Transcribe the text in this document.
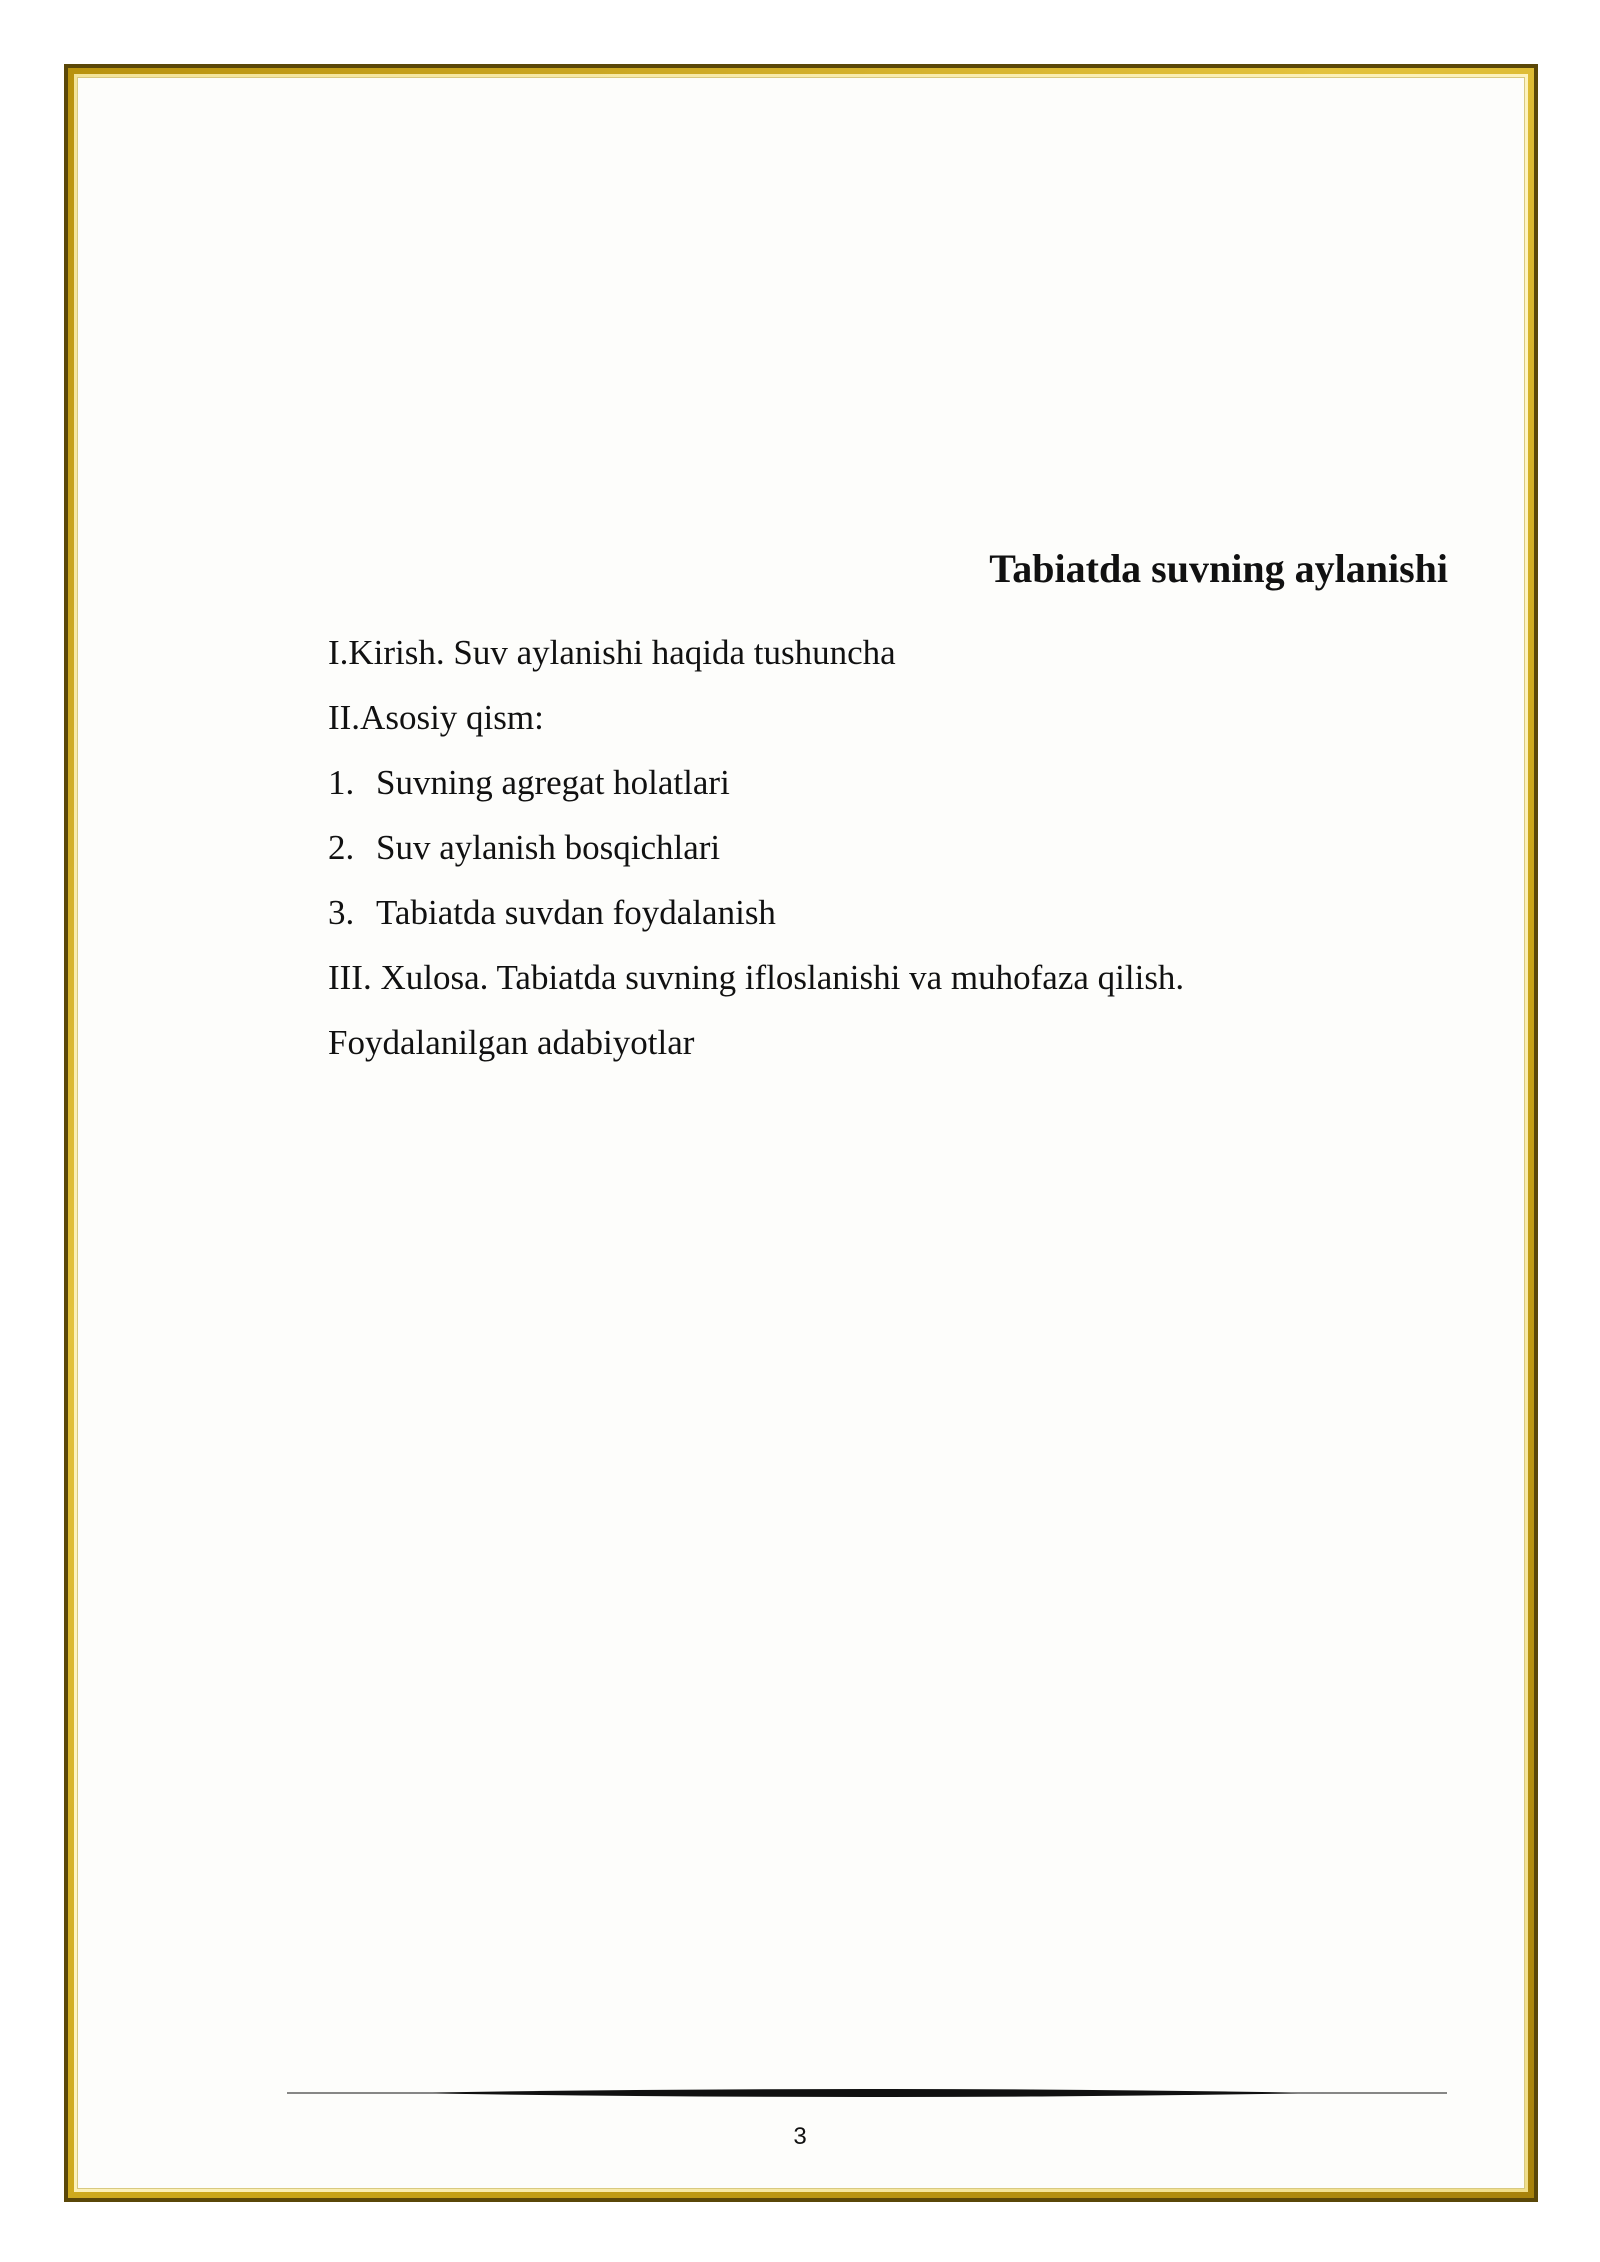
Tabiatda suvning aylanishi
I.Kirish. Suv aylanishi haqida tushuncha
II.Asosiy qism:
1. Suvning agregat holatlari
2. Suv aylanish bosqichlari
3. Tabiatda suvdan foydalanish
III. Xulosa. Tabiatda suvning ifloslanishi va muhofaza qilish.
Foydalanilgan adabiyotlar
3
